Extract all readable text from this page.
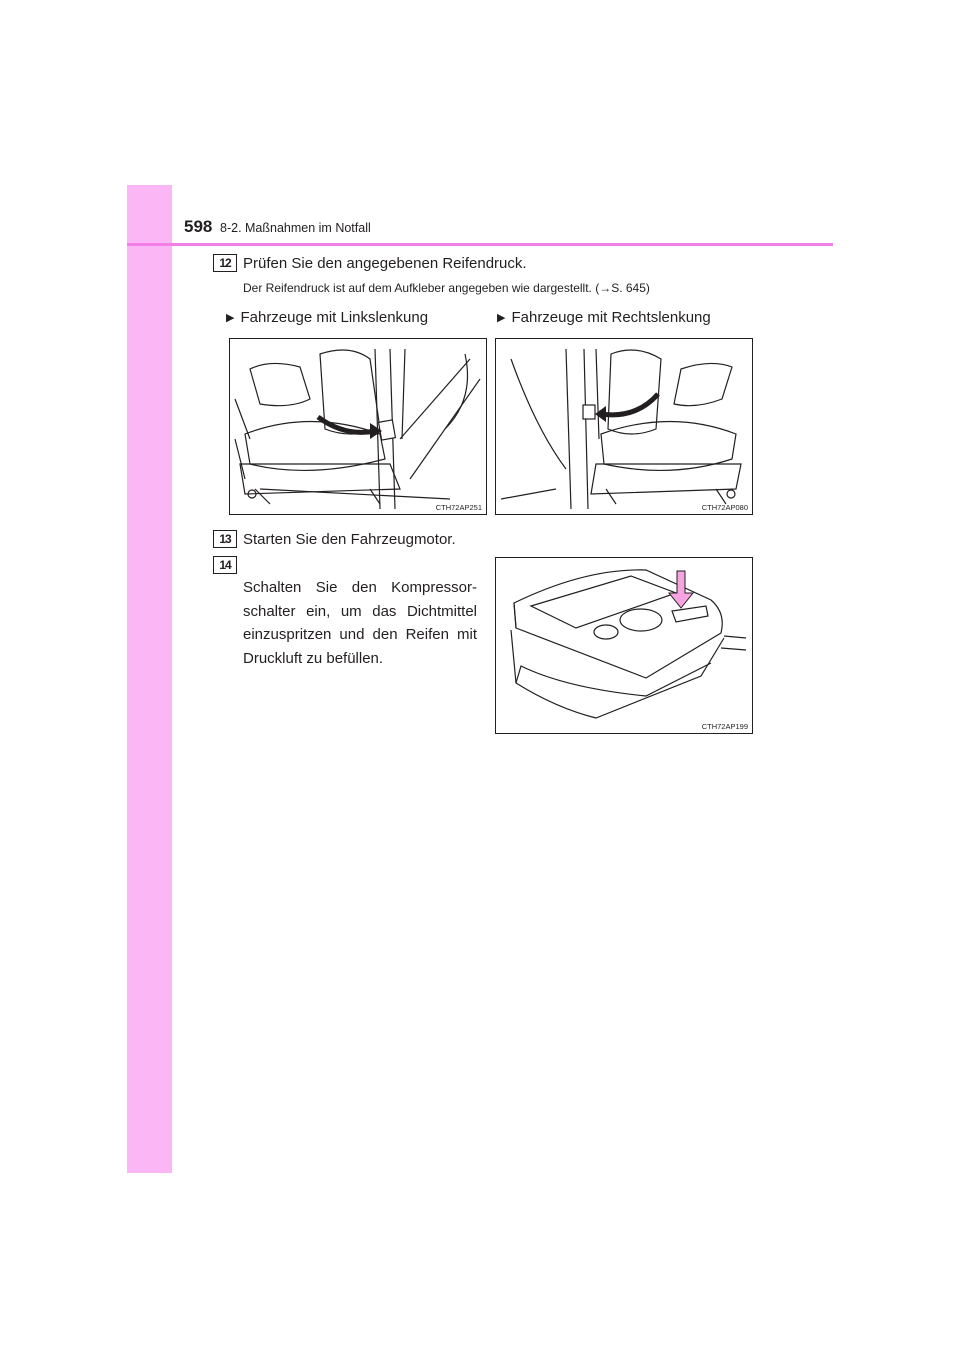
598 8-2. Maßnahmen im Notfall
12 Prüfen Sie den angegebenen Reifendruck.
Der Reifendruck ist auf dem Aufkleber angegeben wie dargestellt. (→S. 645)
▶ Fahrzeuge mit Linkslenkung	▶ Fahrzeuge mit Rechtslenkung
CTH72AP251	CTH72AP080
13 Starten Sie den Fahrzeugmotor.
14
Schalten Sie den Kompressor-schalter ein, um das Dichtmittel einzuspritzen und den Reifen mit Druckluft zu befüllen.
CTH72AP199
